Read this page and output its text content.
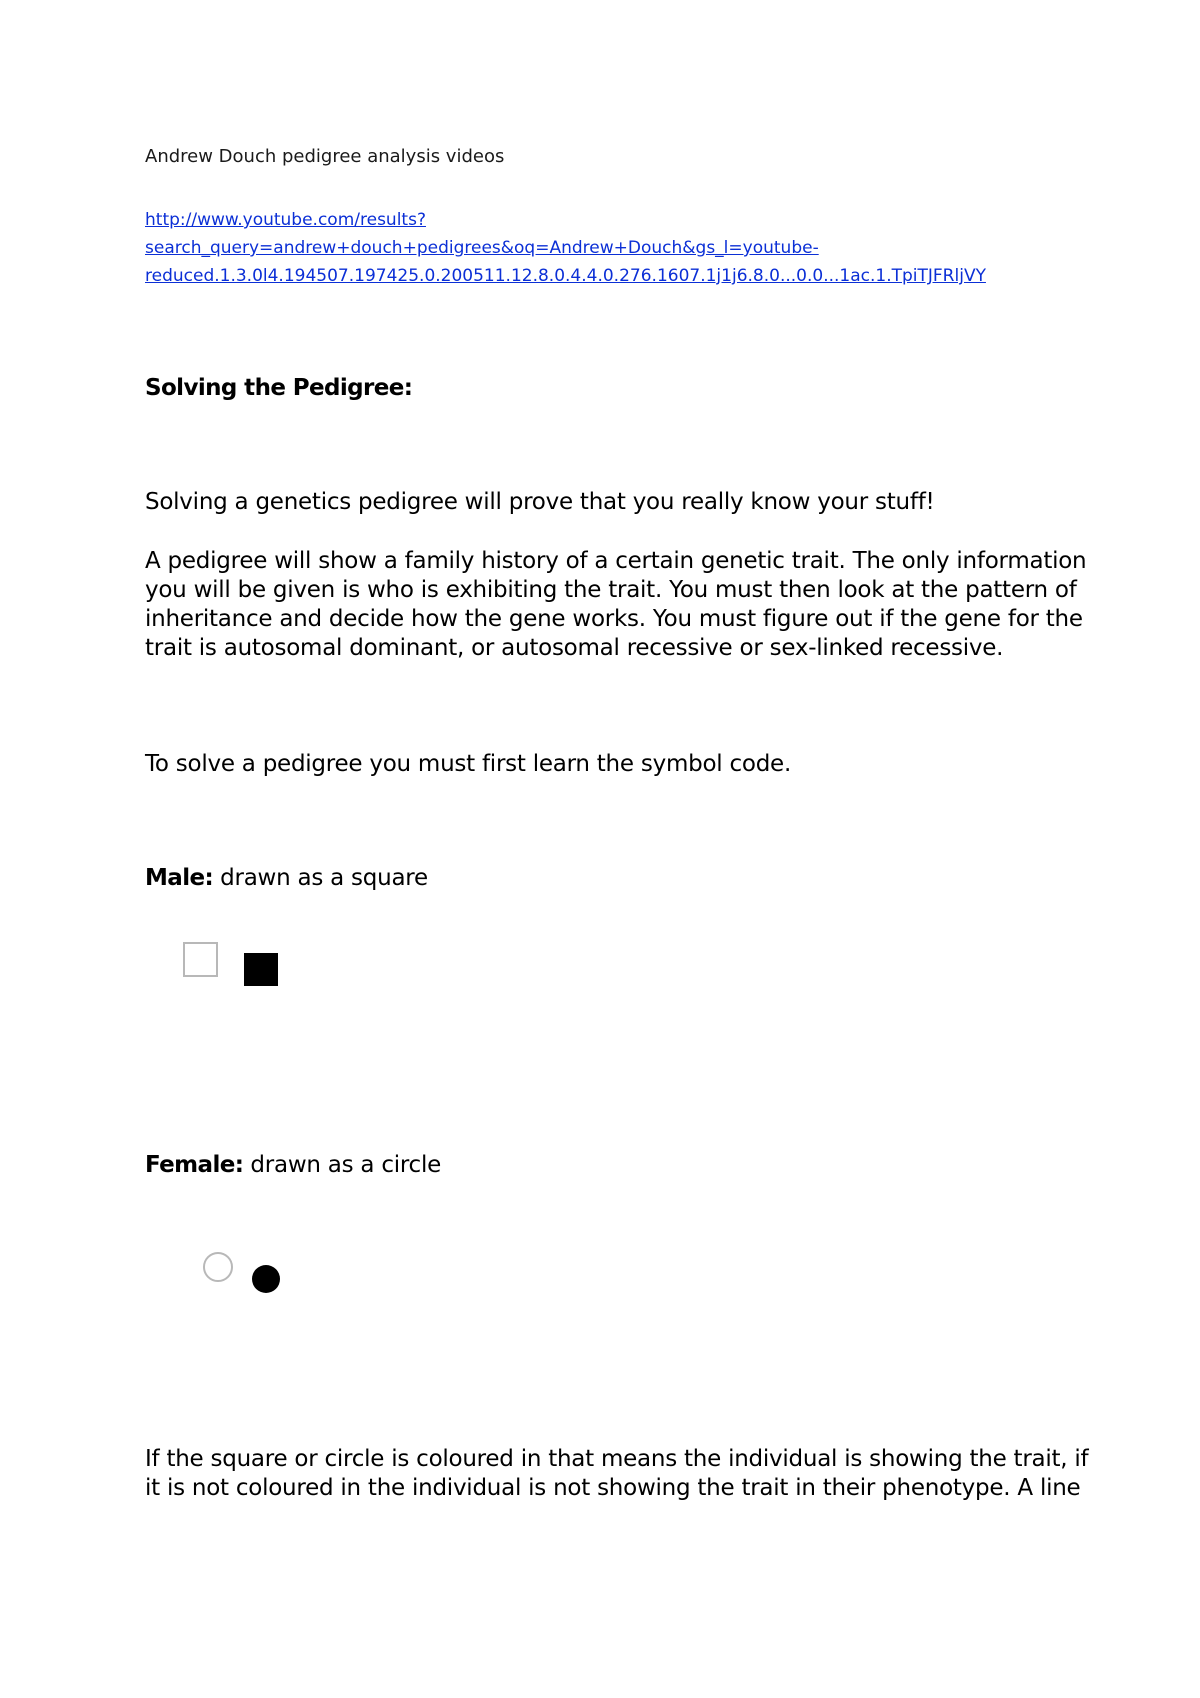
Andrew Douch pedigree analysis videos

http://www.youtube.com/results?
search_query=andrew+douch+pedigrees&oq=Andrew+Douch&gs_l=youtube-
reduced.1.3.0l4.194507.197425.0.200511.12.8.0.4.4.0.276.1607.1j1j6.8.0...0.0...1ac.1.TpiTJFRljVY
Solving the Pedigree:

Solving a genetics pedigree will prove that you really know your stuff!

A pedigree will show a family history of a certain genetic trait. The only information
you will be given is who is exhibiting the trait. You must then look at the pattern of
inheritance and decide how the gene works. You must figure out if the gene for the
trait is autosomal dominant, or autosomal recessive or sex-linked recessive.

To solve a pedigree you must first learn the symbol code.

Male: drawn as a square

Female: drawn as a circle

If the square or circle is coloured in that means the individual is showing the trait, if
it is not coloured in the individual is not showing the trait in their phenotype. A line
